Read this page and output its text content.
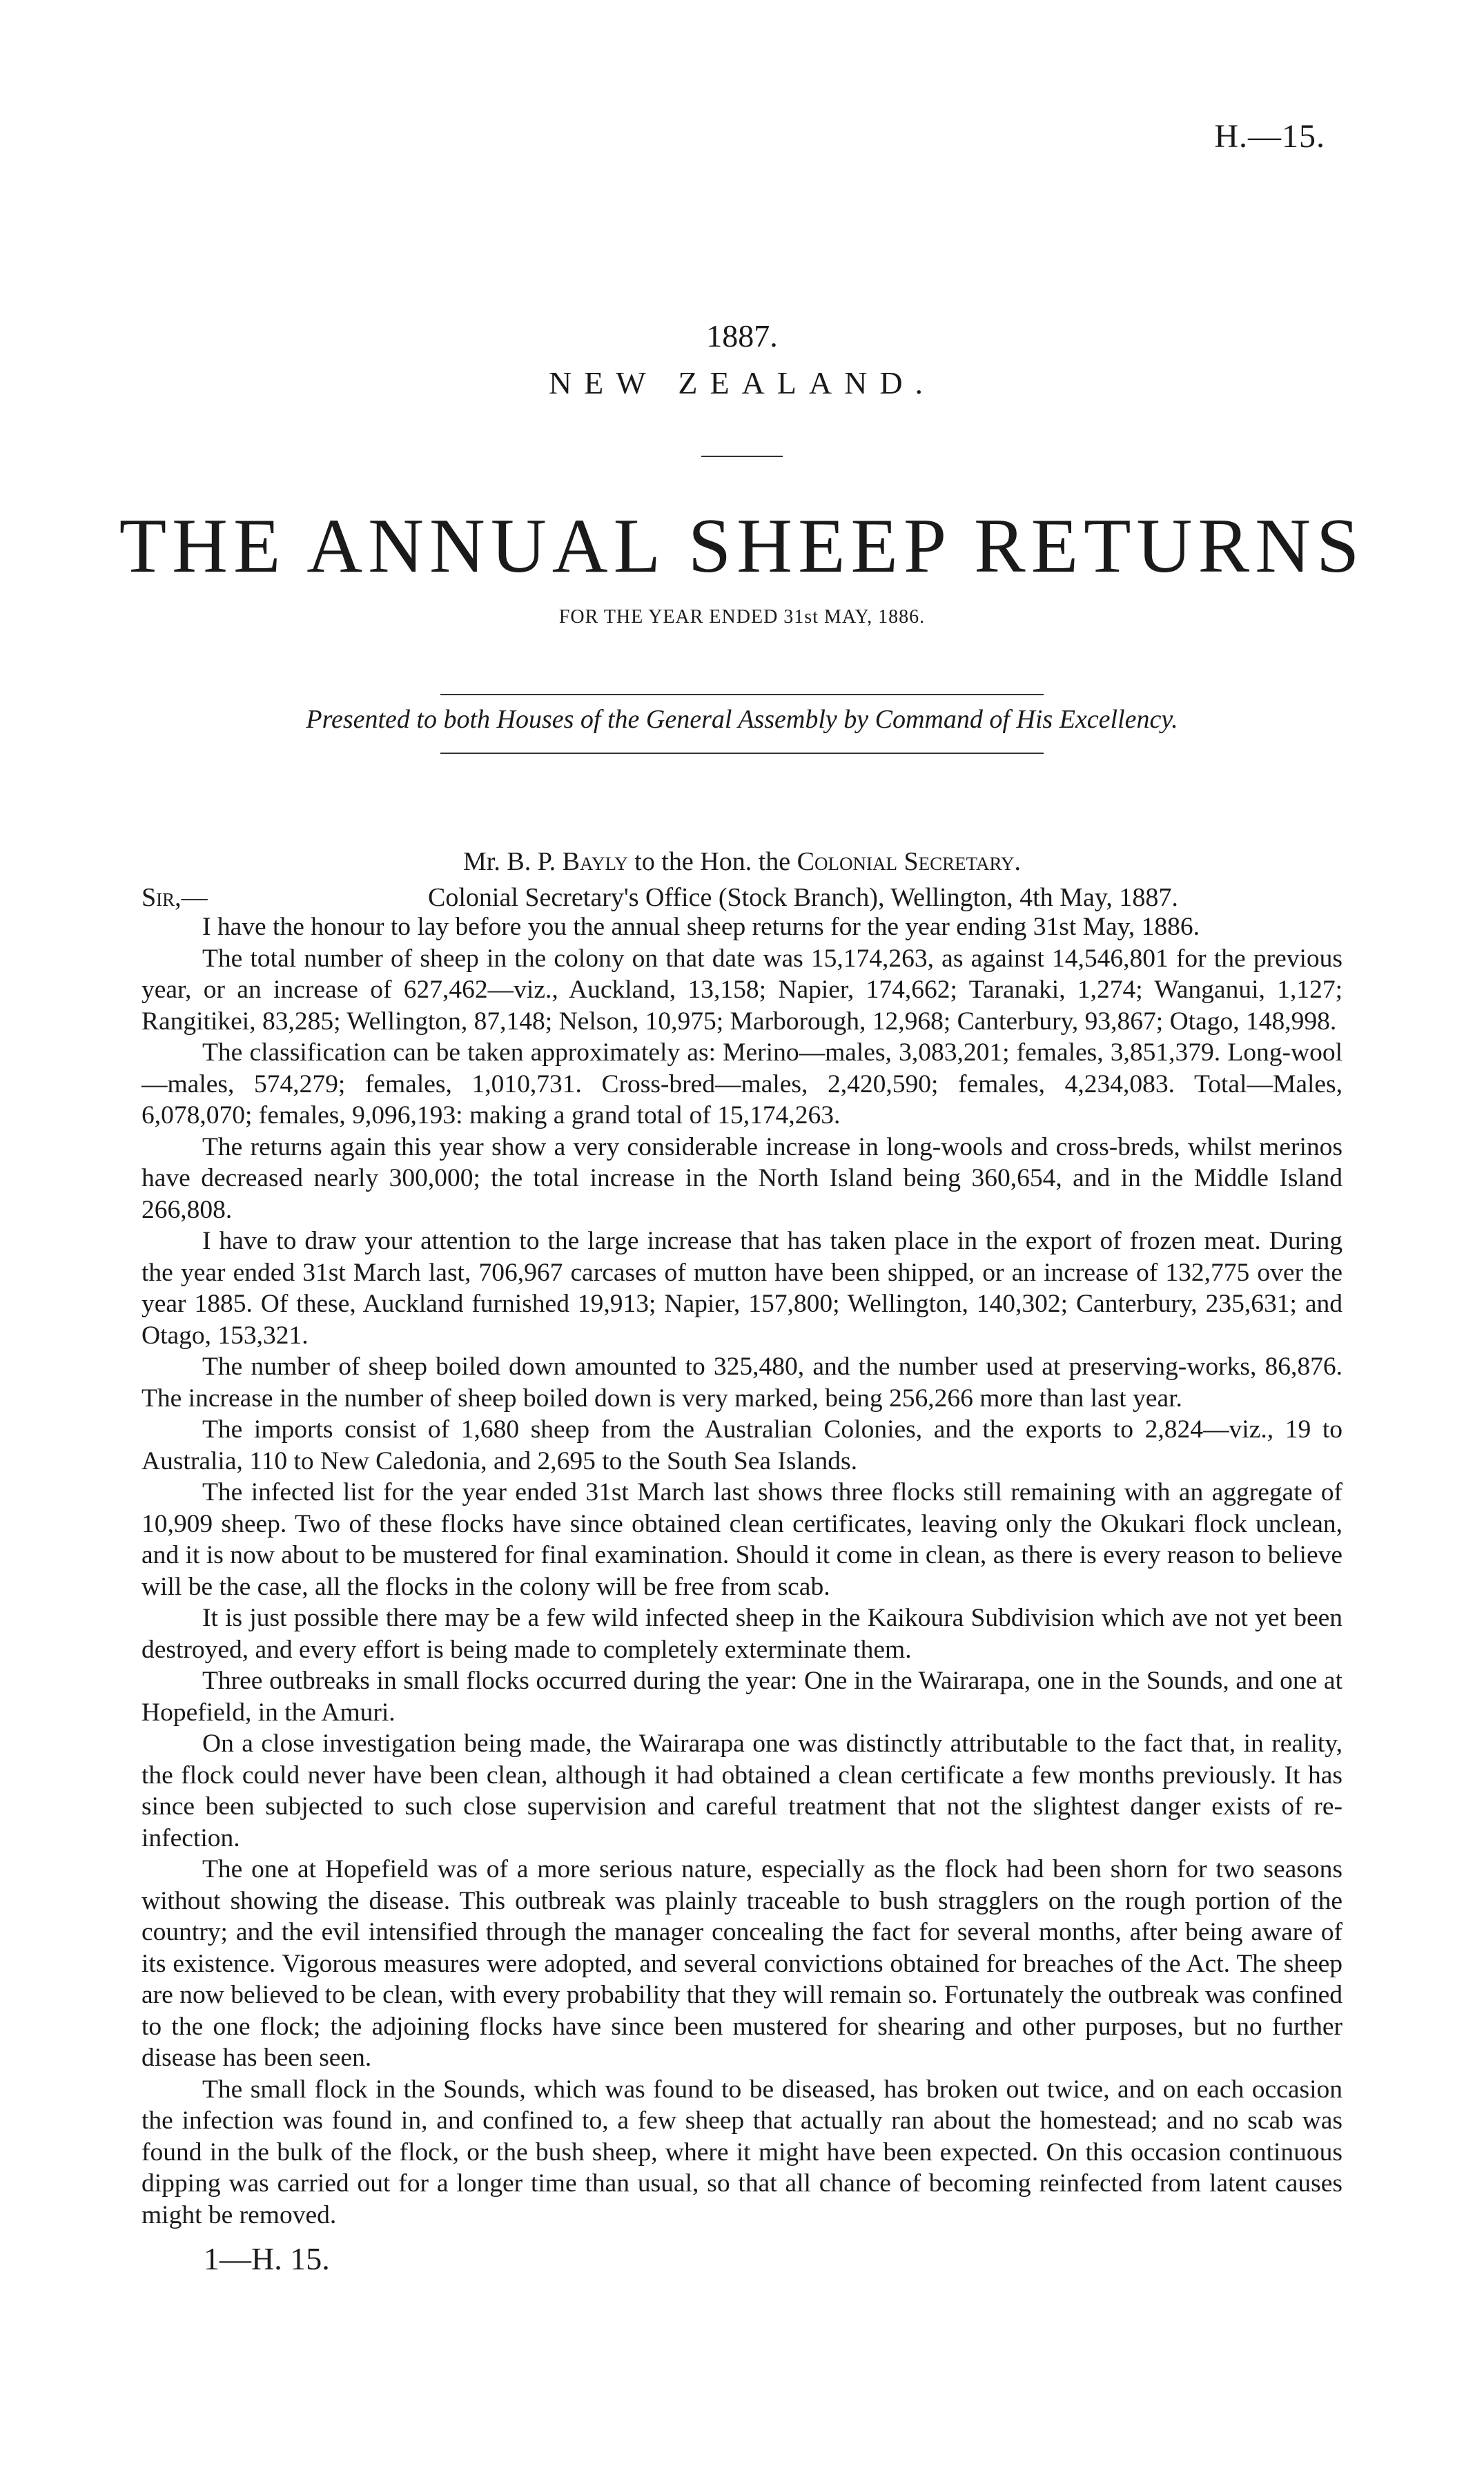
H.—15.
1887.
NEW ZEALAND.
THE ANNUAL SHEEP RETURNS
FOR THE YEAR ENDED 31st MAY, 1886.
Presented to both Houses of the General Assembly by Command of His Excellency.
Mr. B. P. Bayly to the Hon. the Colonial Secretary.
Sir,—	Colonial Secretary's Office (Stock Branch), Wellington, 4th May, 1887.

I have the honour to lay before you the annual sheep returns for the year ending 31st May, 1886.

The total number of sheep in the colony on that date was 15,174,263, as against 14,546,801 for the previous year, or an increase of 627,462—viz., Auckland, 13,158; Napier, 174,662; Taranaki, 1,274; Wanganui, 1,127; Rangitikei, 83,285; Wellington, 87,148; Nelson, 10,975; Marborough, 12,968; Canterbury, 93,867; Otago, 148,998.

The classification can be taken approximately as: Merino—males, 3,083,201; females, 3,851,379. Long-wool—males, 574,279; females, 1,010,731. Cross-bred—males, 2,420,590; females, 4,234,083. Total—Males, 6,078,070; females, 9,096,193: making a grand total of 15,174,263.

The returns again this year show a very considerable increase in long-wools and cross-breds, whilst merinos have decreased nearly 300,000; the total increase in the North Island being 360,654, and in the Middle Island 266,808.

I have to draw your attention to the large increase that has taken place in the export of frozen meat. During the year ended 31st March last, 706,967 carcases of mutton have been shipped, or an increase of 132,775 over the year 1885. Of these, Auckland furnished 19,913; Napier, 157,800; Wellington, 140,302; Canterbury, 235,631; and Otago, 153,321.

The number of sheep boiled down amounted to 325,480, and the number used at preserving-works, 86,876. The increase in the number of sheep boiled down is very marked, being 256,266 more than last year.

The imports consist of 1,680 sheep from the Australian Colonies, and the exports to 2,824—viz., 19 to Australia, 110 to New Caledonia, and 2,695 to the South Sea Islands.

The infected list for the year ended 31st March last shows three flocks still remaining with an aggregate of 10,909 sheep. Two of these flocks have since obtained clean certificates, leaving only the Okukari flock unclean, and it is now about to be mustered for final examination. Should it come in clean, as there is every reason to believe will be the case, all the flocks in the colony will be free from scab.

It is just possible there may be a few wild infected sheep in the Kaikoura Subdivision which ave not yet been destroyed, and every effort is being made to completely exterminate them.

Three outbreaks in small flocks occurred during the year: One in the Wairarapa, one in the Sounds, and one at Hopefield, in the Amuri.

On a close investigation being made, the Wairarapa one was distinctly attributable to the fact that, in reality, the flock could never have been clean, although it had obtained a clean certificate a few months previously. It has since been subjected to such close supervision and careful treatment that not the slightest danger exists of re-infection.

The one at Hopefield was of a more serious nature, especially as the flock had been shorn for two seasons without showing the disease. This outbreak was plainly traceable to bush stragglers on the rough portion of the country; and the evil intensified through the manager concealing the fact for several months, after being aware of its existence. Vigorous measures were adopted, and several convictions obtained for breaches of the Act. The sheep are now believed to be clean, with every probability that they will remain so. Fortunately the outbreak was confined to the one flock; the adjoining flocks have since been mustered for shearing and other purposes, but no further disease has been seen.

The small flock in the Sounds, which was found to be diseased, has broken out twice, and on each occasion the infection was found in, and confined to, a few sheep that actually ran about the homestead; and no scab was found in the bulk of the flock, or the bush sheep, where it might have been expected. On this occasion continuous dipping was carried out for a longer time than usual, so that all chance of becoming reinfected from latent causes might be removed.

1—H. 15.
